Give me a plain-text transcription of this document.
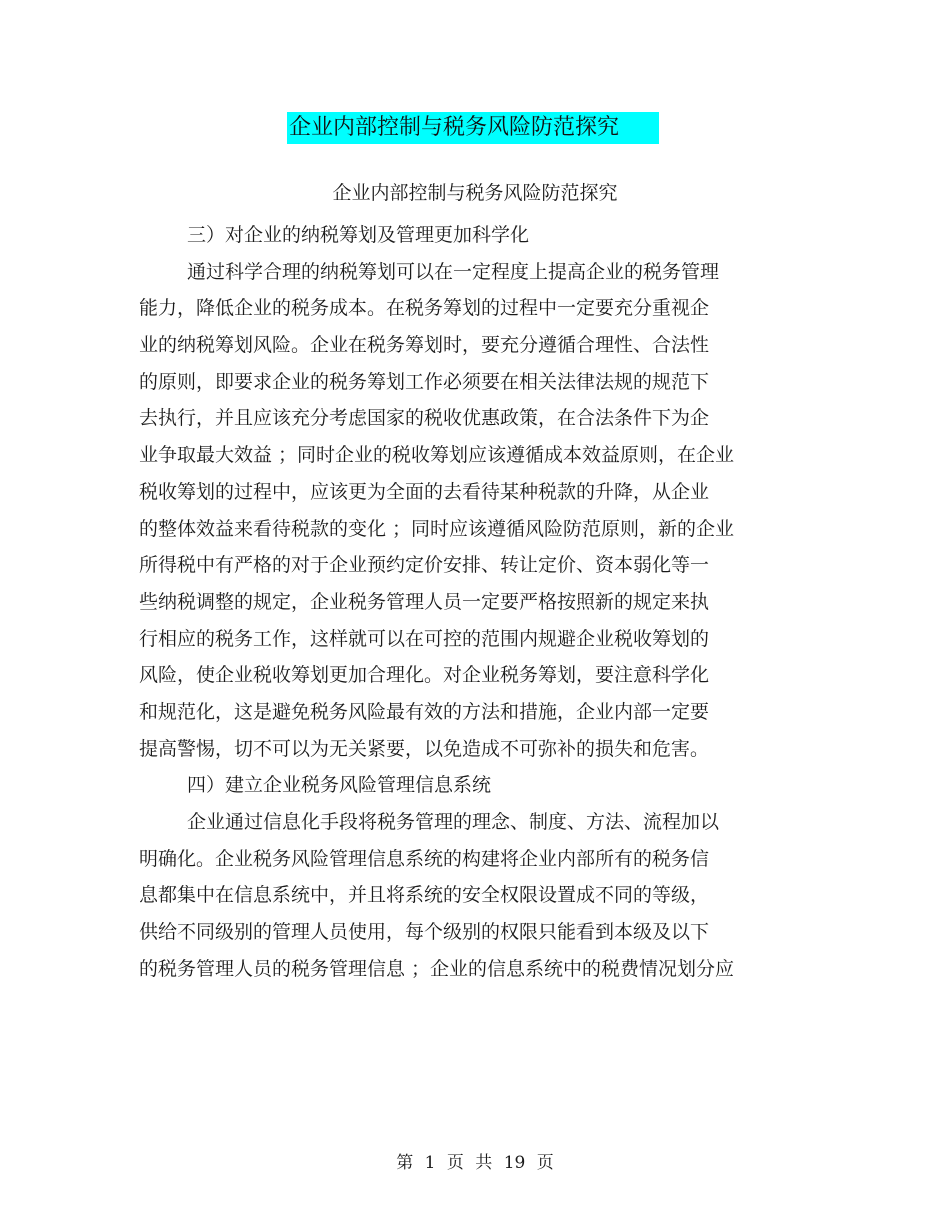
企业内部控制与税务风险防范探究
企业内部控制与税务风险防范探究
三）对企业的纳税筹划及管理更加科学化
通过科学合理的纳税筹划可以在一定程度上提高企业的税务管理
能力，降低企业的税务成本。在税务筹划的过程中一定要充分重视企
业的纳税筹划风险。企业在税务筹划时，要充分遵循合理性、合法性
的原则，即要求企业的税务筹划工作必须要在相关法律法规的规范下
去执行，并且应该充分考虑国家的税收优惠政策，在合法条件下为企
业争取最大效益 ；同时企业的税收筹划应该遵循成本效益原则，在企业
税收筹划的过程中，应该更为全面的去看待某种税款的升降，从企业
的整体效益来看待税款的变化 ；同时应该遵循风险防范原则，新的企业
所得税中有严格的对于企业预约定价安排、转让定价、资本弱化等一
些纳税调整的规定，企业税务管理人员一定要严格按照新的规定来执
行相应的税务工作，这样就可以在可控的范围内规避企业税收筹划的
风险，使企业税收筹划更加合理化。对企业税务筹划，要注意科学化
和规范化，这是避免税务风险最有效的方法和措施，企业内部一定要
提高警惕，切不可以为无关紧要，以免造成不可弥补的损失和危害。
四）建立企业税务风险管理信息系统
企业通过信息化手段将税务管理的理念、制度、方法、流程加以
明确化。企业税务风险管理信息系统的构建将企业内部所有的税务信
息都集中在信息系统中，并且将系统的安全权限设置成不同的等级，
供给不同级别的管理人员使用，每个级别的权限只能看到本级及以下
的税务管理人员的税务管理信息 ；企业的信息系统中的税费情况划分应
第 1 页 共 19 页
